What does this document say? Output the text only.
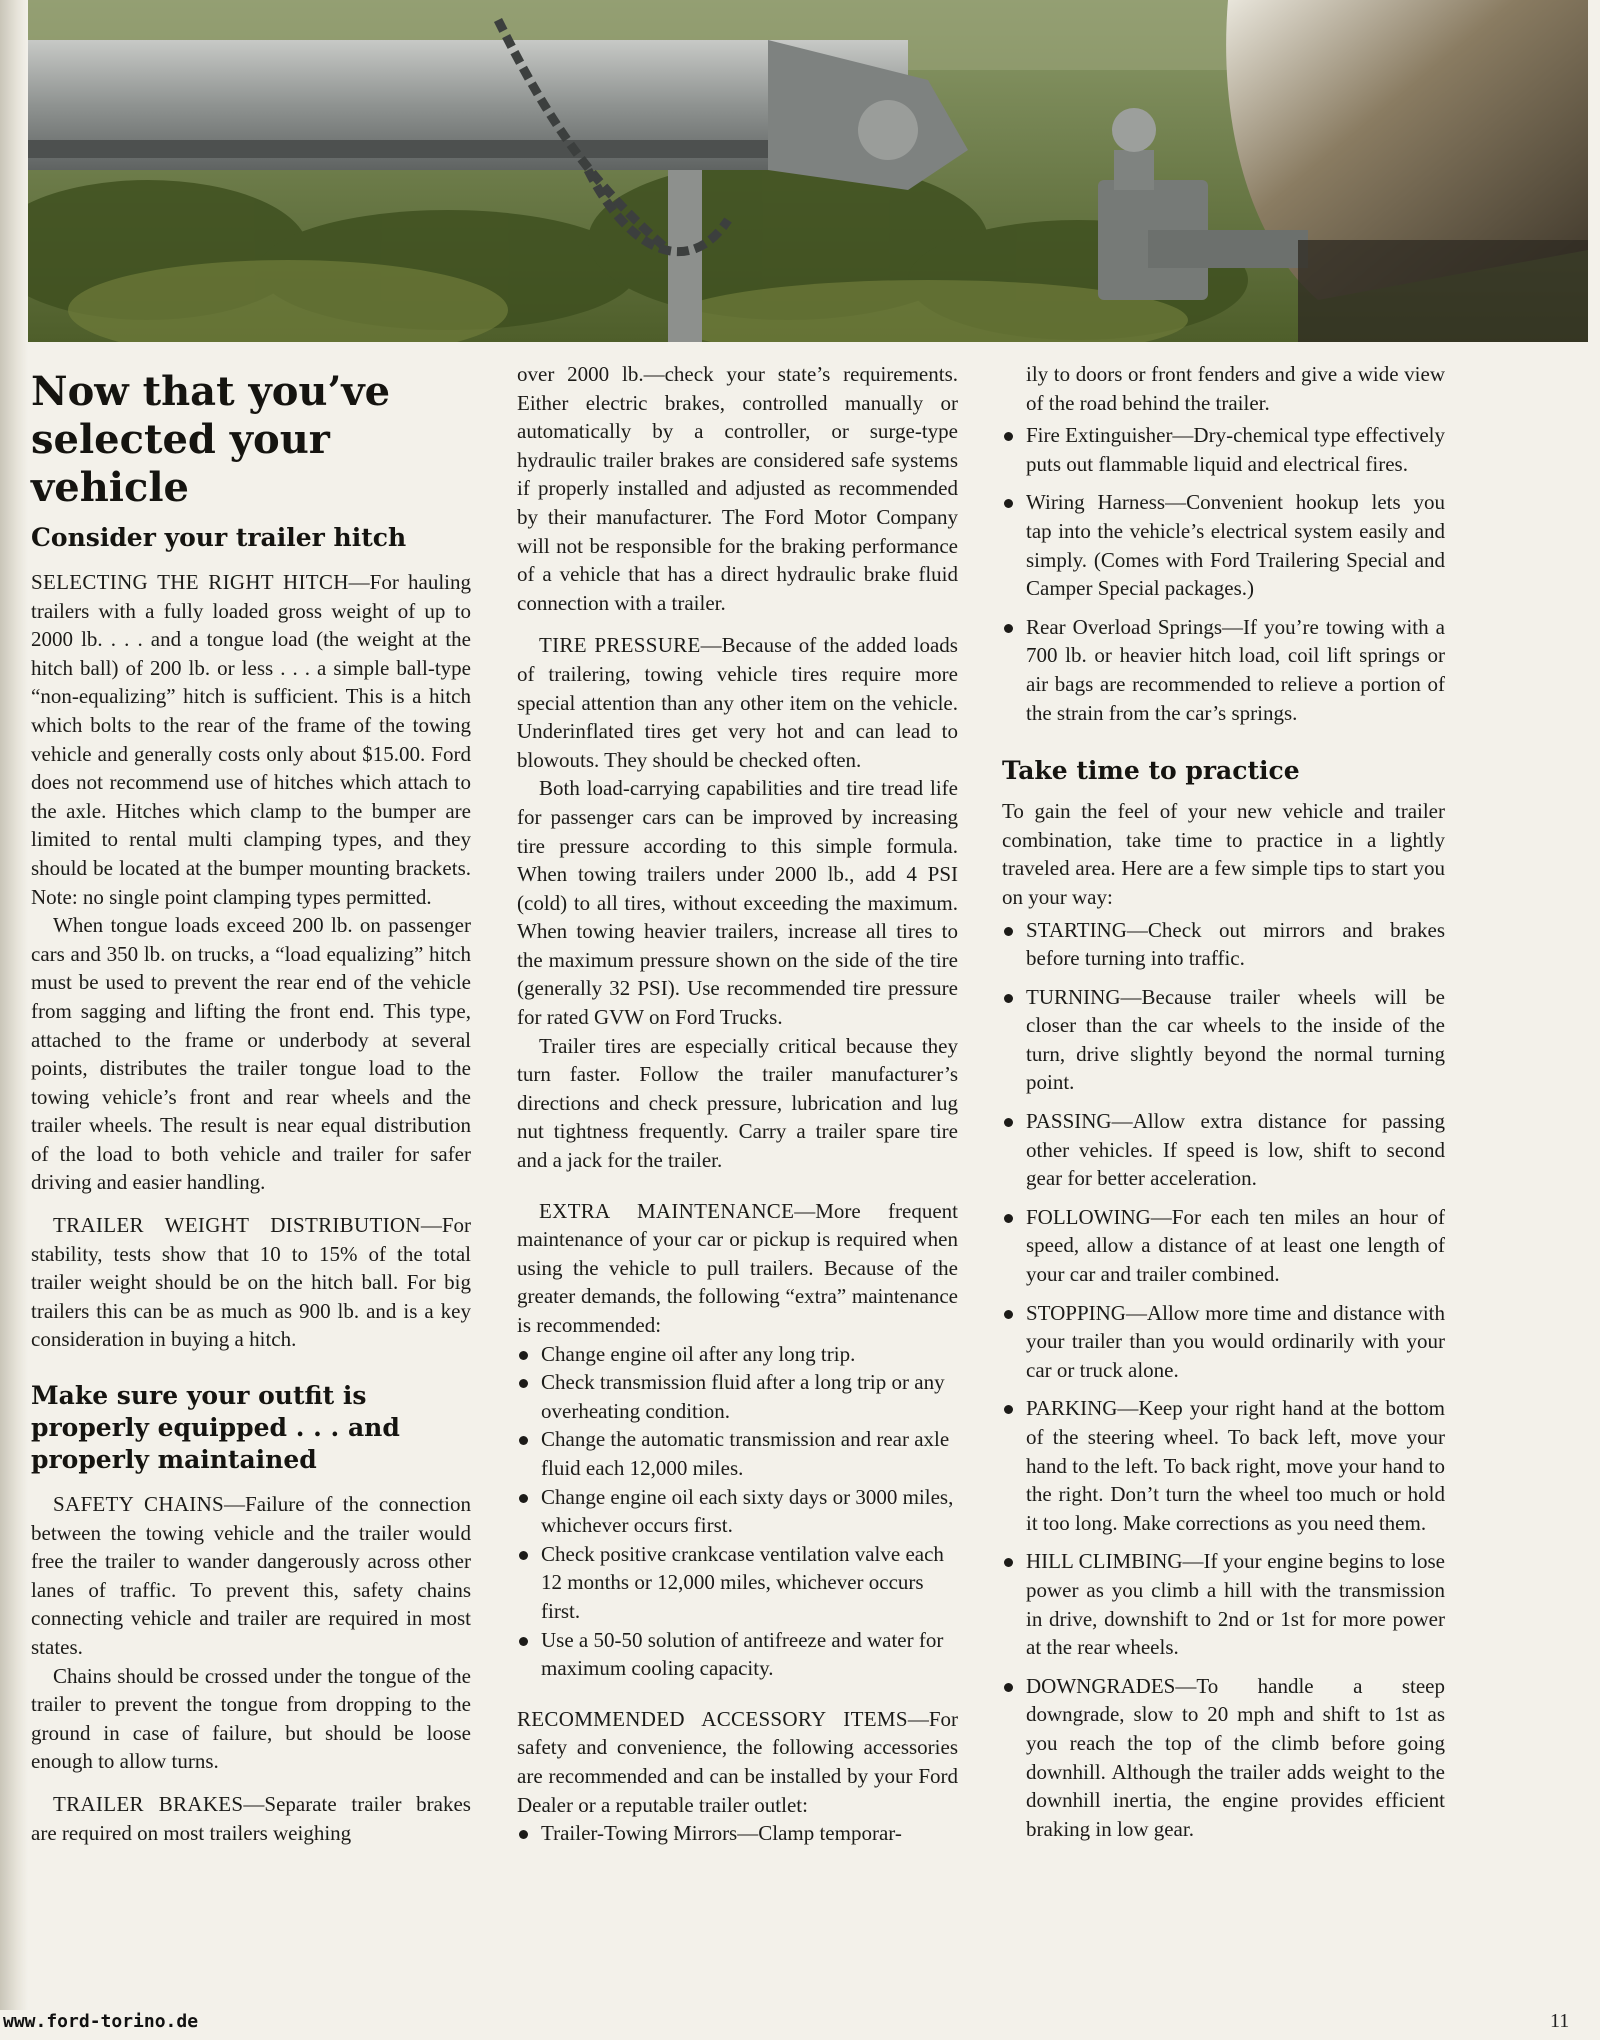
Now that you’ve selected your vehicle
Consider your trailer hitch

SELECTING THE RIGHT HITCH—For hauling trailers with a fully loaded gross weight of up to 2000 lb. . . . and a tongue load (the weight at the hitch ball) of 200 lb. or less . . . a simple ball-type “non-equalizing” hitch is sufficient. This is a hitch which bolts to the rear of the frame of the towing vehicle and generally costs only about $15.00. Ford does not recommend use of hitches which attach to the axle. Hitches which clamp to the bumper are limited to rental multi clamping types, and they should be located at the bumper mounting brackets. Note: no single point clamping types permitted.

When tongue loads exceed 200 lb. on passenger cars and 350 lb. on trucks, a “load equalizing” hitch must be used to prevent the rear end of the vehicle from sagging and lifting the front end. This type, attached to the frame or underbody at several points, distributes the trailer tongue load to the towing vehicle’s front and rear wheels and the trailer wheels. The result is near equal distribution of the load to both vehicle and trailer for safer driving and easier handling.

TRAILER WEIGHT DISTRIBUTION—For stability, tests show that 10 to 15% of the total trailer weight should be on the hitch ball. For big trailers this can be as much as 900 lb. and is a key consideration in buying a hitch.

Make sure your outfit is properly equipped . . . and properly maintained

SAFETY CHAINS—Failure of the connection between the towing vehicle and the trailer would free the trailer to wander dangerously across other lanes of traffic. To prevent this, safety chains connecting vehicle and trailer are required in most states.

Chains should be crossed under the tongue of the trailer to prevent the tongue from dropping to the ground in case of failure, but should be loose enough to allow turns.

TRAILER BRAKES—Separate trailer brakes are required on most trailers weighing

over 2000 lb.—check your state’s requirements. Either electric brakes, controlled manually or automatically by a controller, or surge-type hydraulic trailer brakes are considered safe systems if properly installed and adjusted as recommended by their manufacturer. The Ford Motor Company will not be responsible for the braking performance of a vehicle that has a direct hydraulic brake fluid connection with a trailer.

TIRE PRESSURE—Because of the added loads of trailering, towing vehicle tires require more special attention than any other item on the vehicle. Underinflated tires get very hot and can lead to blowouts. They should be checked often.

Both load-carrying capabilities and tire tread life for passenger cars can be improved by increasing tire pressure according to this simple formula. When towing trailers under 2000 lb., add 4 PSI (cold) to all tires, without exceeding the maximum. When towing heavier trailers, increase all tires to the maximum pressure shown on the side of the tire (generally 32 PSI). Use recommended tire pressure for rated GVW on Ford Trucks.

Trailer tires are especially critical because they turn faster. Follow the trailer manufacturer’s directions and check pressure, lubrication and lug nut tightness frequently. Carry a trailer spare tire and a jack for the trailer.

EXTRA MAINTENANCE—More frequent maintenance of your car or pickup is required when using the vehicle to pull trailers. Because of the greater demands, the following “extra” maintenance is recommended:

Change engine oil after any long trip.
Check transmission fluid after a long trip or any overheating condition.
Change the automatic transmission and rear axle fluid each 12,000 miles.
Change engine oil each sixty days or 3000 miles, whichever occurs first.
Check positive crankcase ventilation valve each 12 months or 12,000 miles, whichever occurs first.
Use a 50-50 solution of antifreeze and water for maximum cooling capacity.

RECOMMENDED ACCESSORY ITEMS—For safety and convenience, the following accessories are recommended and can be installed by your Ford Dealer or a reputable trailer outlet:

Trailer-Towing Mirrors—Clamp temporar-

ily to doors or front fenders and give a wide view of the road behind the trailer.

Fire Extinguisher—Dry-chemical type effectively puts out flammable liquid and electrical fires.

Wiring Harness—Convenient hookup lets you tap into the vehicle’s electrical system easily and simply. (Comes with Ford Trailering Special and Camper Special packages.)

Rear Overload Springs—If you’re towing with a 700 lb. or heavier hitch load, coil lift springs or air bags are recommended to relieve a portion of the strain from the car’s springs.

Take time to practice

To gain the feel of your new vehicle and trailer combination, take time to practice in a lightly traveled area. Here are a few simple tips to start you on your way:

STARTING—Check out mirrors and brakes before turning into traffic.

TURNING—Because trailer wheels will be closer than the car wheels to the inside of the turn, drive slightly beyond the normal turning point.

PASSING—Allow extra distance for passing other vehicles. If speed is low, shift to second gear for better acceleration.

FOLLOWING—For each ten miles an hour of speed, allow a distance of at least one length of your car and trailer combined.

STOPPING—Allow more time and distance with your trailer than you would ordinarily with your car or truck alone.

PARKING—Keep your right hand at the bottom of the steering wheel. To back left, move your hand to the left. To back right, move your hand to the right. Don’t turn the wheel too much or hold it too long. Make corrections as you need them.

HILL CLIMBING—If your engine begins to lose power as you climb a hill with the transmission in drive, downshift to 2nd or 1st for more power at the rear wheels.

DOWNGRADES—To handle a steep downgrade, slow to 20 mph and shift to 1st as you reach the top of the climb before going downhill. Although the trailer adds weight to the downhill inertia, the engine provides efficient braking in low gear.

www.ford-torino.de	11
